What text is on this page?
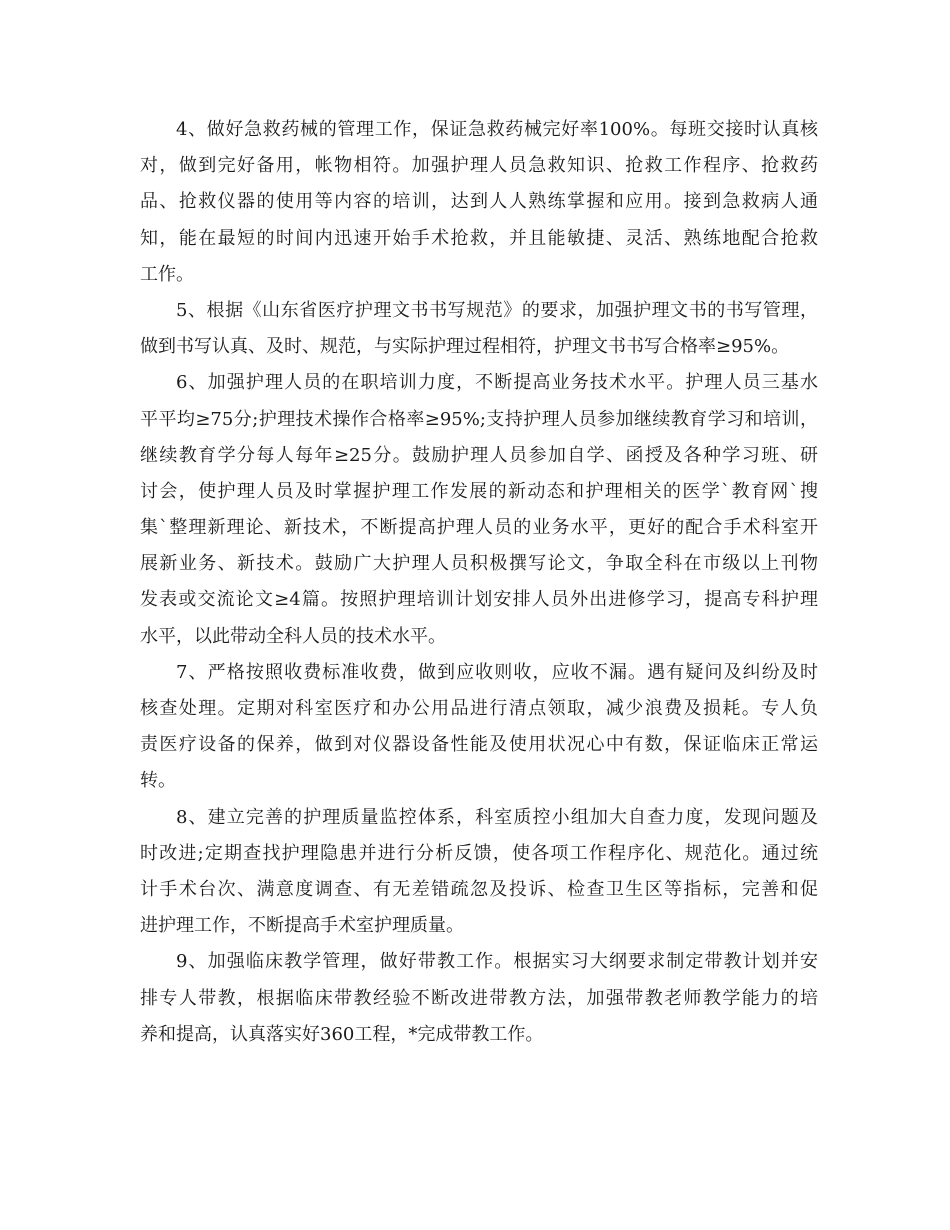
4、做好急救药械的管理工作，保证急救药械完好率100%。每班交接时认真核
对，做到完好备用，帐物相符。加强护理人员急救知识、抢救工作程序、抢救药
品、抢救仪器的使用等内容的培训，达到人人熟练掌握和应用。接到急救病人通
知，能在最短的时间内迅速开始手术抢救，并且能敏捷、灵活、熟练地配合抢救
工作。
5、根据《山东省医疗护理文书书写规范》的要求，加强护理文书的书写管理，
做到书写认真、及时、规范，与实际护理过程相符，护理文书书写合格率≥95%。
6、加强护理人员的在职培训力度，不断提高业务技术水平。护理人员三基水
平平均≥75分;护理技术操作合格率≥95%;支持护理人员参加继续教育学习和培训，
继续教育学分每人每年≥25分。鼓励护理人员参加自学、函授及各种学习班、研
讨会，使护理人员及时掌握护理工作发展的新动态和护理相关的医学`教育网`搜
集`整理新理论、新技术，不断提高护理人员的业务水平，更好的配合手术科室开
展新业务、新技术。鼓励广大护理人员积极撰写论文，争取全科在市级以上刊物
发表或交流论文≥4篇。按照护理培训计划安排人员外出进修学习，提高专科护理
水平，以此带动全科人员的技术水平。
7、严格按照收费标准收费，做到应收则收，应收不漏。遇有疑问及纠纷及时
核查处理。定期对科室医疗和办公用品进行清点领取，减少浪费及损耗。专人负
责医疗设备的保养，做到对仪器设备性能及使用状况心中有数，保证临床正常运
转。
8、建立完善的护理质量监控体系，科室质控小组加大自查力度，发现问题及
时改进;定期查找护理隐患并进行分析反馈，使各项工作程序化、规范化。通过统
计手术台次、满意度调查、有无差错疏忽及投诉、检查卫生区等指标，完善和促
进护理工作，不断提高手术室护理质量。
9、加强临床教学管理，做好带教工作。根据实习大纲要求制定带教计划并安
排专人带教，根据临床带教经验不断改进带教方法，加强带教老师教学能力的培
养和提高，认真落实好360工程，*完成带教工作。
